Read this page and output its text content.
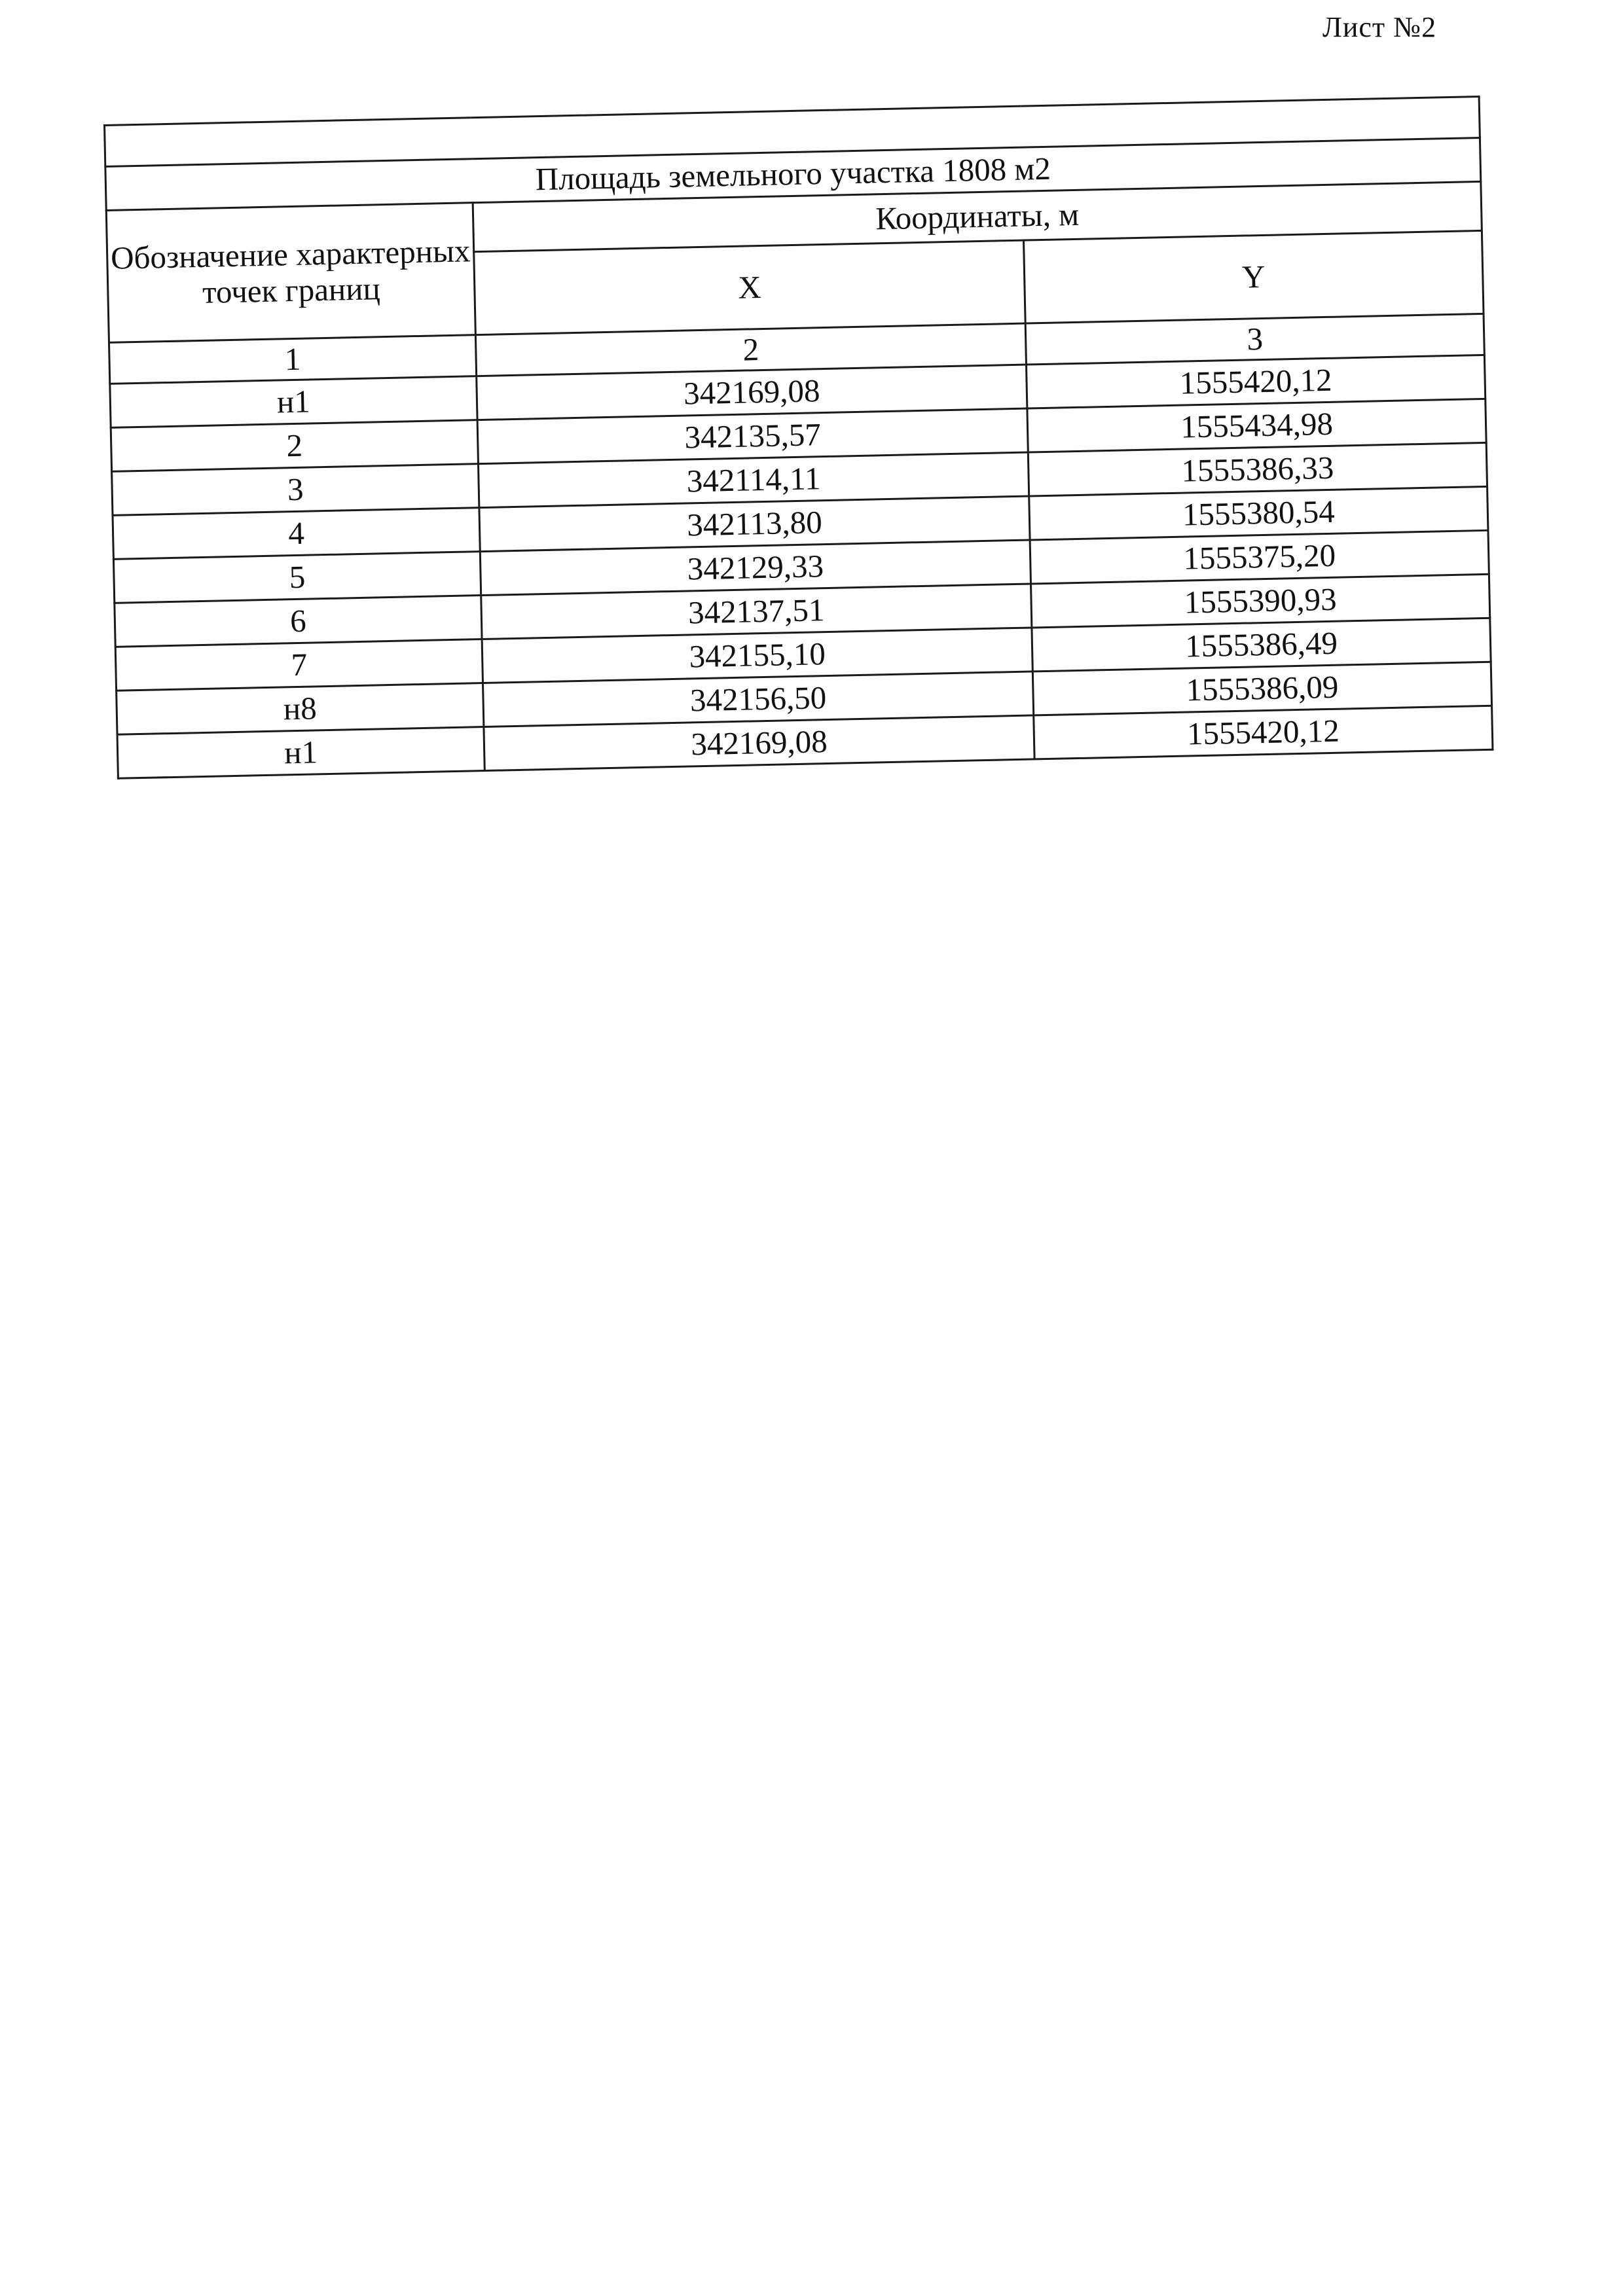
Лист №2

Площадь земельного участка 1808 м2		
Обозначение характерных точек границ	Координаты, м	
	X	Y
1	2	3
н1	342169,08	1555420,12
2	342135,57	1555434,98
3	342114,11	1555386,33
4	342113,80	1555380,54
5	342129,33	1555375,20
6	342137,51	1555390,93
7	342155,10	1555386,49
н8	342156,50	1555386,09
н1	342169,08	1555420,12
